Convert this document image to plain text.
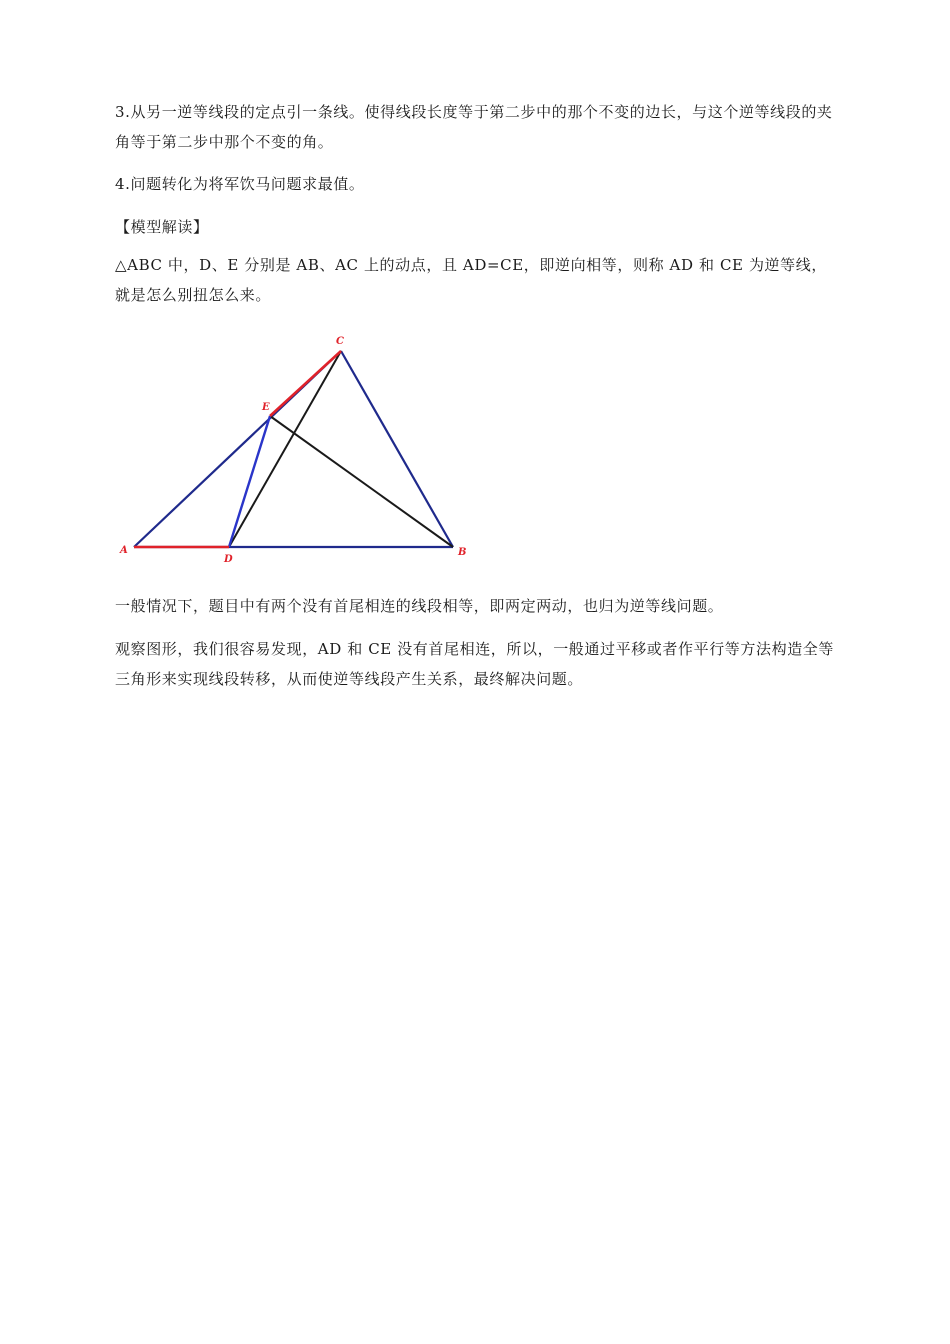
3.从另一逆等线段的定点引一条线。使得线段长度等于第二步中的那个不变的边长，与这个逆等线段的夹角等于第二步中那个不变的角。

4.问题转化为将军饮马问题求最值。

【模型解读】

△ABC 中，D、E 分别是 AB、AC 上的动点，且 AD=CE，即逆向相等，则称 AD 和 CE 为逆等线，就是怎么别扭怎么来。

A	B
C
D
E

一般情况下，题目中有两个没有首尾相连的线段相等，即两定两动，也归为逆等线问题。

观察图形，我们很容易发现，AD 和 CE 没有首尾相连，所以，一般通过平移或者作平行等方法构造全等三角形来实现线段转移，从而使逆等线段产生关系，最终解决问题。
